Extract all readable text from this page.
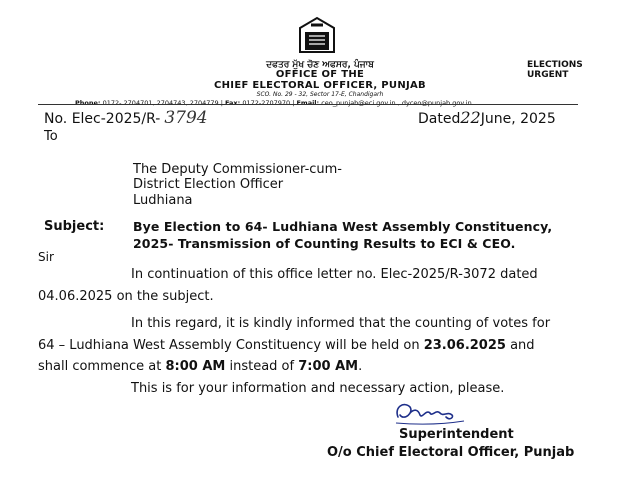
ਦਫਤਰ ਮੁੱਖ ਚੋਣ ਅਫਸਰ, ਪੰਜਾਬ
OFFICE OF THE
CHIEF ELECTORAL OFFICER, PUNJAB
SCO. No. 29 - 32, Sector 17-E, Chandigarh
ELECTIONS
URGENT
Phone: 0172- 2704701, 2704743, 2704779 | Fax: 0172-2707970 | Email: ceo_punjab@eci.gov.in , dyceo@punjab.gov.in
No. Elec-2025/R- 3794	Dated22June, 2025
To
The Deputy Commissioner-cum-
District Election Officer
Ludhiana
Subject: Bye Election to 64- Ludhiana West Assembly Constituency,
2025- Transmission of Counting Results to ECI & CEO.
Sir
In continuation of this office letter no. Elec-2025/R-3072 dated
04.06.2025 on the subject.
In this regard, it is kindly informed that the counting of votes for
64 – Ludhiana West Assembly Constituency will be held on 23.06.2025 and
shall commence at 8:00 AM instead of 7:00 AM.
This is for your information and necessary action, please.
Superintendent
O/o Chief Electoral Officer, Punjab
